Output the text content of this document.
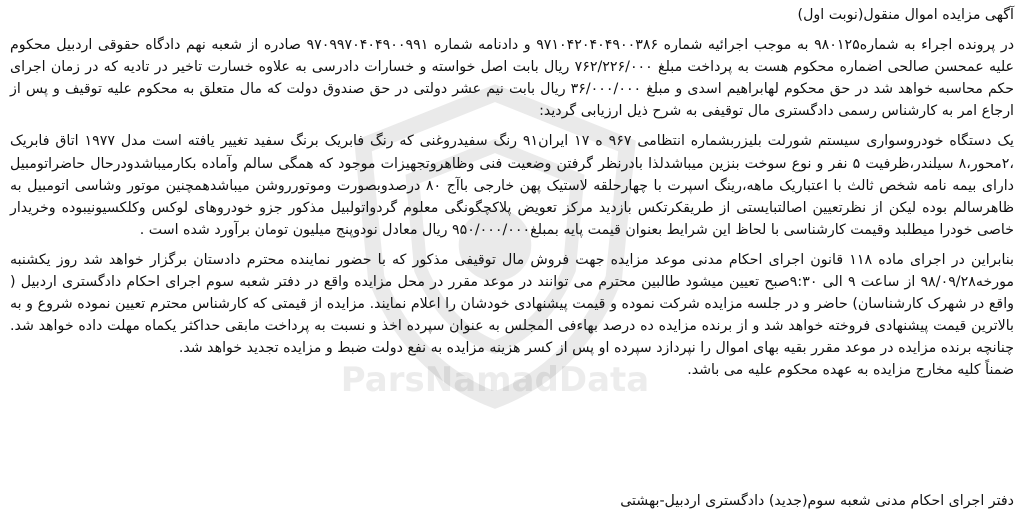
ParsNamadData
آگهی مزایده اموال منقول(نوبت اول)

در پرونده اجراء به شماره۹۸۰۱۲۵ به موجب اجرائیه شماره ۹۷۱۰۴۲۰۴۰۴۹۰۰۳۸۶ و دادنامه شماره ۹۷۰۹۹۷۰۴۰۴۹۰۰۹۹۱ صادره از شعبه نهم دادگاه حقوقی اردبیل محکوم علیه عمحسن صالحی اضماره محکوم هست به پرداخت مبلغ ۷۶۲/۲۲۶/۰۰۰ ریال بابت اصل خواسته و خسارات دادرسی به علاوه خسارت تاخیر در تادیه که در زمان اجرای حکم محاسبه خواهد شد در حق محکوم لهابراهیم اسدی و مبلغ ۳۶/۰۰۰/۰۰۰ ریال بابت نیم عشر دولتی در حق صندوق دولت که مال متعلق به محکوم علیه توقیف و پس از ارجاع امر به کارشناس رسمی دادگستری مال توقیفی به شرح ذیل ارزیابی گردید:

یک دستگاه خودروسواری سیستم شورلت بلیزربشماره انتظامی ۹۶۷ ه ۱۷ ایران۹۱ رنگ سفیدروغنی که رنگ فابریک برنگ سفید تغییر یافته است مدل ۱۹۷۷ اتاق فابریک ،۲محور،۸ سیلندر،ظرفیت ۵ نفر و نوع سوخت بنزین میباشدلذا بادرنظر گرفتن وضعیت فنی وظاهروتجهیزات موجود که همگی سالم وآماده بکارمیباشدودرحال حاضراتومبیل دارای بیمه نامه شخص ثالث با اعتباریک ماهه،رینگ اسپرت با چهارحلقه لاستیک پهن خارجی باآج ۸۰ درصدوبصورت وموتورروشن میباشدهمچنین موتور وشاسی اتومبیل به ظاهرسالم بوده لیکن از نظرتعیین اصالتبایستی از طریقکرتکس بازدید مرکز تعویض پلاکچگونگی معلوم گردواتولبیل مذکور جزو خودروهای لوکس وکلکسیونیبوده وخریدار خاصی خودرا میطلبد وقیمت کارشناسی با لحاظ این شرایط بعنوان قیمت پایه بمبلغ۹۵۰/۰۰۰/۰۰۰ ریال معادل نودوپنج میلیون تومان برآورد شده است .

بنابراین در اجرای ماده ۱۱۸ قانون اجرای احکام مدنی موعد مزایده جهت فروش مال توقیفی مذکور که با حضور نماینده محترم دادستان برگزار خواهد شد روز یکشنبه مورخه۹۸/۰۹/۲۸ از ساعت ۹ الی ۹:۳۰صبح تعیین میشود طالبین محترم می توانند در موعد مقرر در محل مزایده واقع در دفتر شعبه سوم اجرای احکام دادگستری اردبیل ( واقع در شهرک کارشناسان) حاضر و در جلسه مزایده شرکت نموده و قیمت پیشنهادی خودشان را اعلام نمایند. مزایده از قیمتی که کارشناس محترم تعیین نموده شروع و به بالاترین قیمت پیشنهادی فروخته خواهد شد و از برنده مزایده ده درصد بهاءفی المجلس به عنوان سپرده اخذ و نسبت به پرداخت مابقی حداکثر یکماه مهلت داده خواهد شد. چنانچه برنده مزایده در موعد مقرر بقیه بهای اموال را نپردازد سپرده او پس از کسر هزینه مزایده به نفع دولت ضبط و مزایده تجدید خواهد شد.

ضمناً کلیه مخارج مزایده به عهده محکوم علیه می باشد.
دفتر اجرای احکام مدنی شعبه سوم(جدید) دادگستری اردبیل-بهشتی
